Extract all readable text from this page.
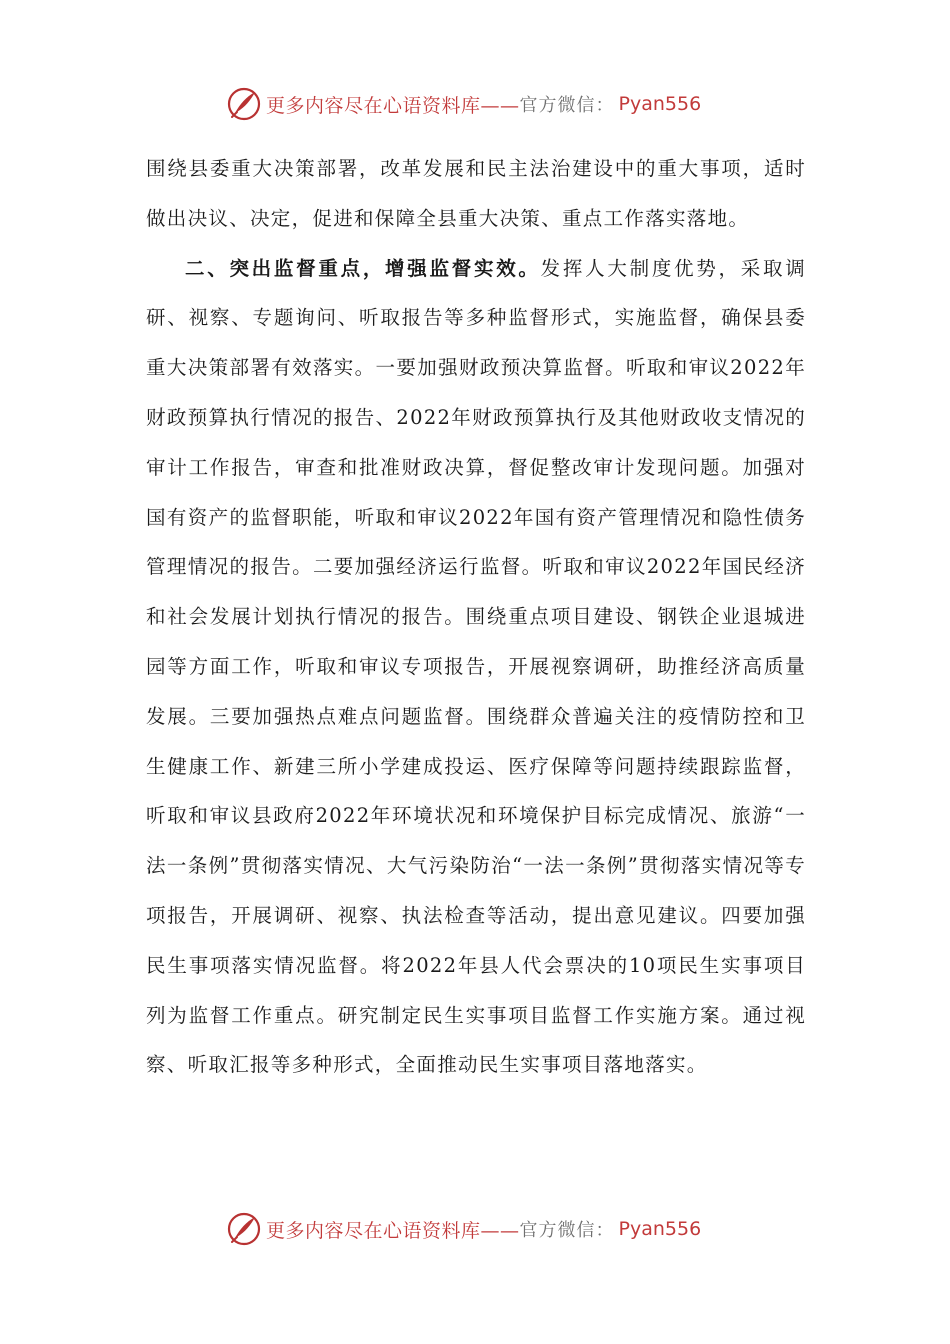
更多内容尽在心语资料库—— 官方微信： Pyan556

围绕县委重大决策部署，改革发展和民主法治建设中的重大事项，适时做出决议、决定，促进和保障全县重大决策、重点工作落实落地。

二、突出监督重点，增强监督实效。发挥人大制度优势，采取调研、视察、专题询问、听取报告等多种监督形式，实施监督，确保县委重大决策部署有效落实。一要加强财政预决算监督。听取和审议2022年财政预算执行情况的报告、2022年财政预算执行及其他财政收支情况的审计工作报告，审查和批准财政决算，督促整改审计发现问题。加强对国有资产的监督职能，听取和审议2022年国有资产管理情况和隐性债务管理情况的报告。二要加强经济运行监督。听取和审议2022年国民经济和社会发展计划执行情况的报告。围绕重点项目建设、钢铁企业退城进园等方面工作，听取和审议专项报告，开展视察调研，助推经济高质量发展。三要加强热点难点问题监督。围绕群众普遍关注的疫情防控和卫生健康工作、新建三所小学建成投运、医疗保障等问题持续跟踪监督，听取和审议县政府2022年环境状况和环境保护目标完成情况、旅游“一法一条例”贯彻落实情况、大气污染防治“一法一条例”贯彻落实情况等专项报告，开展调研、视察、执法检查等活动，提出意见建议。四要加强民生事项落实情况监督。将2022年县人代会票决的10项民生实事项目列为监督工作重点。研究制定民生实事项目监督工作实施方案。通过视察、听取汇报等多种形式，全面推动民生实事项目落地落实。

更多内容尽在心语资料库—— 官方微信： Pyan556
